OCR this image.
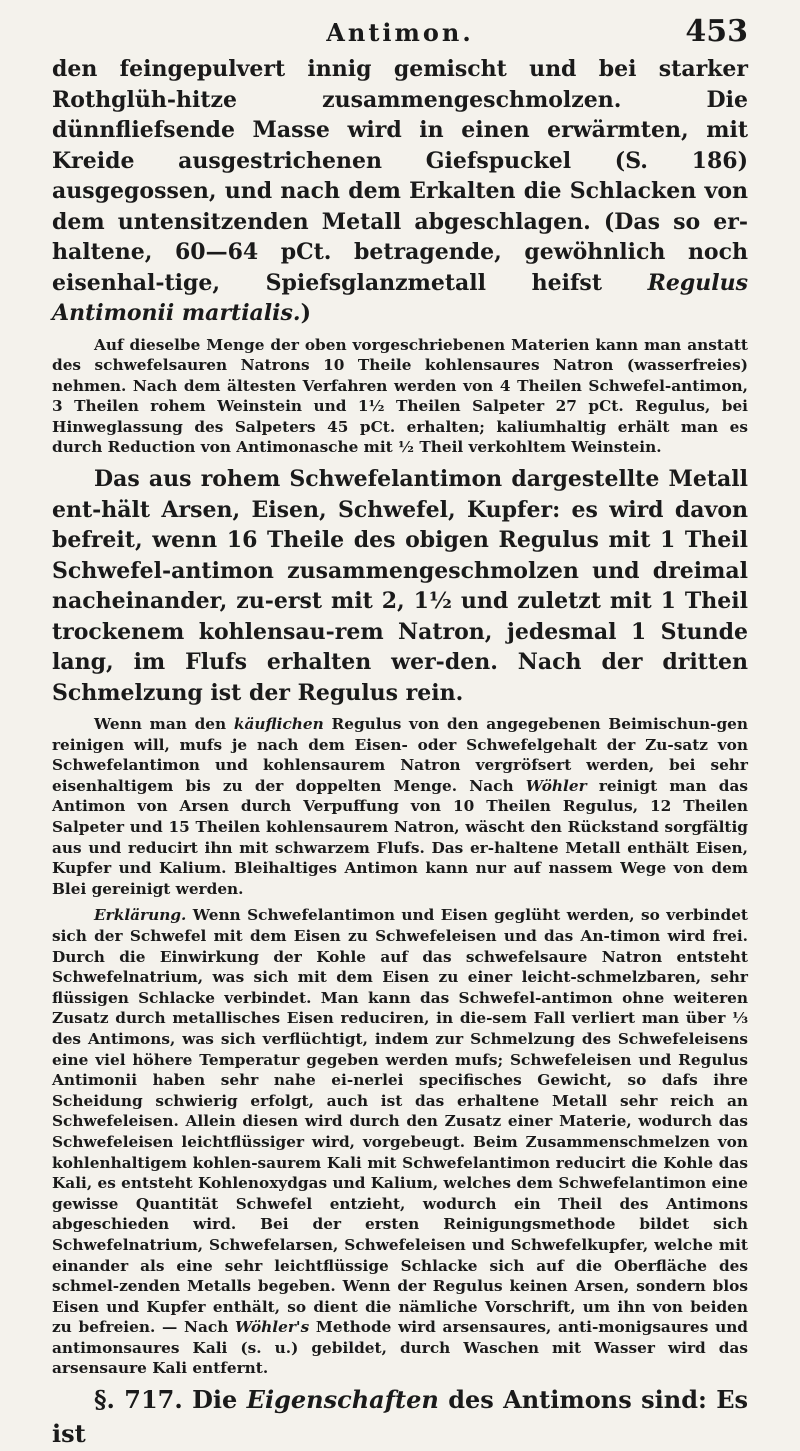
Antimon.	453

den feingepulvert innig gemischt und bei starker Rothglüh-hitze zusammengeschmolzen. Die dünnfliefsende Masse wird in einen erwärmten, mit Kreide ausgestrichenen Giefspuckel (S. 186) ausgegossen, und nach dem Erkalten die Schlacken von dem untensitzenden Metall abgeschlagen. (Das so er-haltene, 60—64 pCt. betragende, gewöhnlich noch eisenhal-tige, Spiefsglanzmetall heifst Regulus Antimonii martialis.)

Auf dieselbe Menge der oben vorgeschriebenen Materien kann man anstatt des schwefelsauren Natrons 10 Theile kohlensaures Natron (wasserfreies) nehmen. Nach dem ältesten Verfahren werden von 4 Theilen Schwefel-antimon, 3 Theilen rohem Weinstein und 1½ Theilen Salpeter 27 pCt. Regulus, bei Hinweglassung des Salpeters 45 pCt. erhalten; kaliumhaltig erhält man es durch Reduction von Antimonasche mit ½ Theil verkohltem Weinstein.

Das aus rohem Schwefelantimon dargestellte Metall ent-hält Arsen, Eisen, Schwefel, Kupfer: es wird davon befreit, wenn 16 Theile des obigen Regulus mit 1 Theil Schwefel-antimon zusammengeschmolzen und dreimal nacheinander, zu-erst mit 2, 1½ und zuletzt mit 1 Theil trockenem kohlensau-rem Natron, jedesmal 1 Stunde lang, im Flufs erhalten wer-den. Nach der dritten Schmelzung ist der Regulus rein.

Wenn man den käuflichen Regulus von den angegebenen Beimischun-gen reinigen will, mufs je nach dem Eisen- oder Schwefelgehalt der Zu-satz von Schwefelantimon und kohlensaurem Natron vergröfsert werden, bei sehr eisenhaltigem bis zu der doppelten Menge. Nach Wöhler reinigt man das Antimon von Arsen durch Verpuffung von 10 Theilen Regulus, 12 Theilen Salpeter und 15 Theilen kohlensaurem Natron, wäscht den Rückstand sorgfältig aus und reducirt ihn mit schwarzem Flufs. Das er-haltene Metall enthält Eisen, Kupfer und Kalium. Bleihaltiges Antimon kann nur auf nassem Wege von dem Blei gereinigt werden.

Erklärung. Wenn Schwefelantimon und Eisen geglüht werden, so verbindet sich der Schwefel mit dem Eisen zu Schwefeleisen und das An-timon wird frei. Durch die Einwirkung der Kohle auf das schwefelsaure Natron entsteht Schwefelnatrium, was sich mit dem Eisen zu einer leicht-schmelzbaren, sehr flüssigen Schlacke verbindet. Man kann das Schwefel-antimon ohne weiteren Zusatz durch metallisches Eisen reduciren, in die-sem Fall verliert man über ⅓ des Antimons, was sich verflüchtigt, indem zur Schmelzung des Schwefeleisens eine viel höhere Temperatur gegeben werden mufs; Schwefeleisen und Regulus Antimonii haben sehr nahe ei-nerlei specifisches Gewicht, so dafs ihre Scheidung schwierig erfolgt, auch ist das erhaltene Metall sehr reich an Schwefeleisen. Allein diesen wird durch den Zusatz einer Materie, wodurch das Schwefeleisen leichtflüssiger wird, vorgebeugt. Beim Zusammenschmelzen von kohlenhaltigem kohlen-saurem Kali mit Schwefelantimon reducirt die Kohle das Kali, es entsteht Kohlenoxydgas und Kalium, welches dem Schwefelantimon eine gewisse Quantität Schwefel entzieht, wodurch ein Theil des Antimons abgeschieden wird. Bei der ersten Reinigungsmethode bildet sich Schwefelnatrium, Schwefelarsen, Schwefeleisen und Schwefelkupfer, welche mit einander als eine sehr leichtflüssige Schlacke sich auf die Oberfläche des schmel-zenden Metalls begeben. Wenn der Regulus keinen Arsen, sondern blos Eisen und Kupfer enthält, so dient die nämliche Vorschrift, um ihn von beiden zu befreien. — Nach Wöhler's Methode wird arsensaures, anti-monigsaures und antimonsaures Kali (s. u.) gebildet, durch Waschen mit Wasser wird das arsensaure Kali entfernt.

§. 717. Die Eigenschaften des Antimons sind: Es ist
